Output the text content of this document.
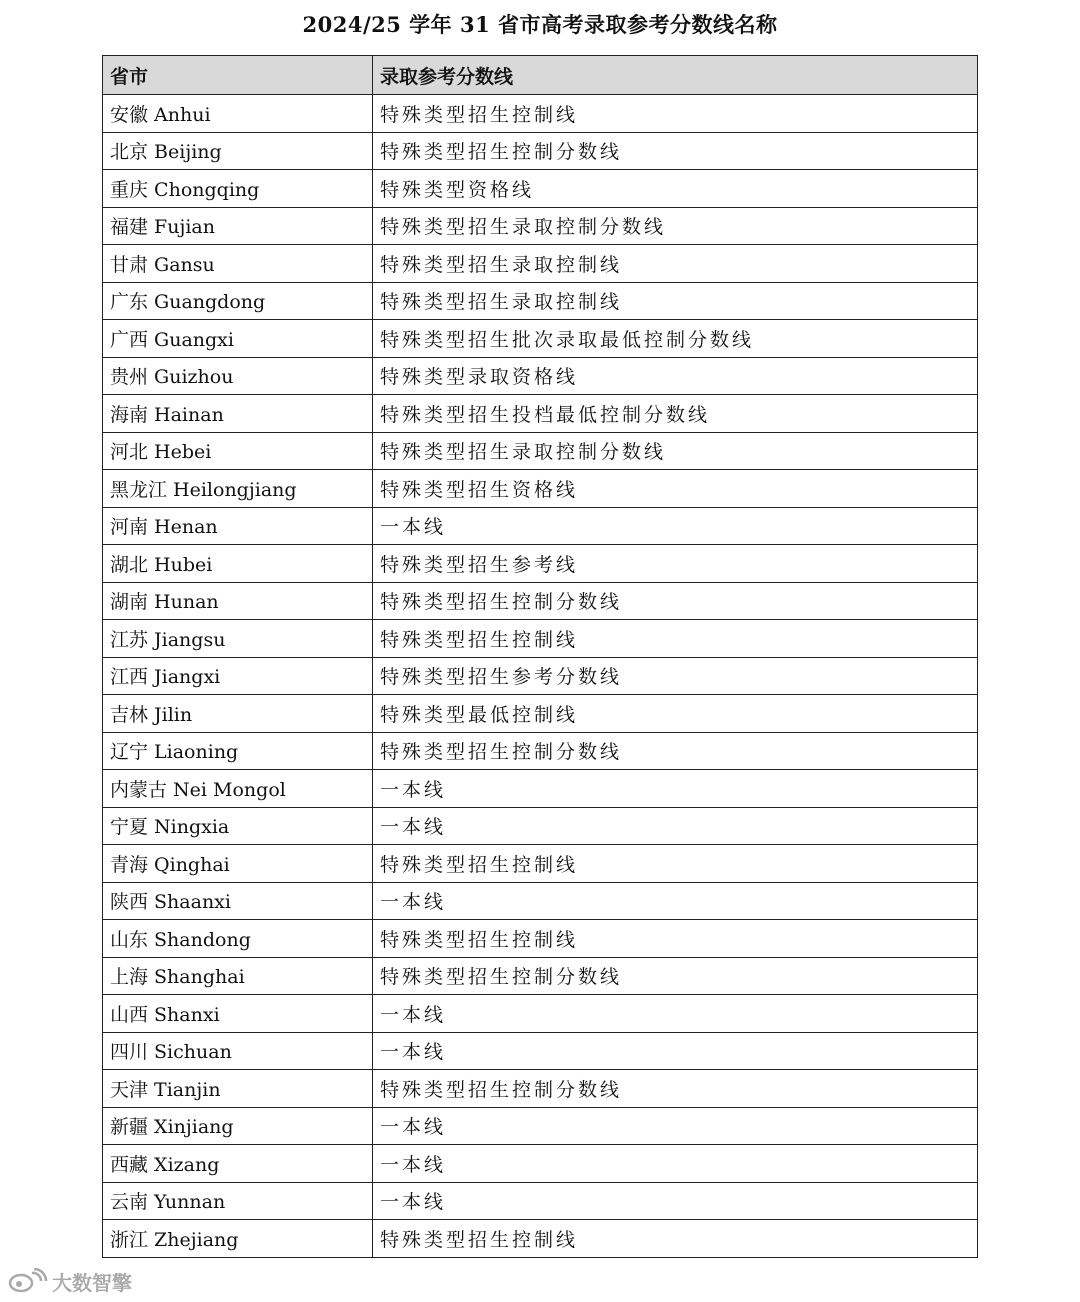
2024/25 学年 31 省市高考录取参考分数线名称
省市	录取参考分数线
安徽 Anhui	特殊类型招生控制线
北京 Beijing	特殊类型招生控制分数线
重庆 Chongqing	特殊类型资格线
福建 Fujian	特殊类型招生录取控制分数线
甘肃 Gansu	特殊类型招生录取控制线
广东 Guangdong	特殊类型招生录取控制线
广西 Guangxi	特殊类型招生批次录取最低控制分数线
贵州 Guizhou	特殊类型录取资格线
海南 Hainan	特殊类型招生投档最低控制分数线
河北 Hebei	特殊类型招生录取控制分数线
黑龙江 Heilongjiang	特殊类型招生资格线
河南 Henan	一本线
湖北 Hubei	特殊类型招生参考线
湖南 Hunan	特殊类型招生控制分数线
江苏 Jiangsu	特殊类型招生控制线
江西 Jiangxi	特殊类型招生参考分数线
吉林 Jilin	特殊类型最低控制线
辽宁 Liaoning	特殊类型招生控制分数线
内蒙古 Nei Mongol	一本线
宁夏 Ningxia	一本线
青海 Qinghai	特殊类型招生控制线
陕西 Shaanxi	一本线
山东 Shandong	特殊类型招生控制线
上海 Shanghai	特殊类型招生控制分数线
山西 Shanxi	一本线
四川 Sichuan	一本线
天津 Tianjin	特殊类型招生控制分数线
新疆 Xinjiang	一本线
西藏 Xizang	一本线
云南 Yunnan	一本线
浙江 Zhejiang	特殊类型招生控制线
大数智擎
